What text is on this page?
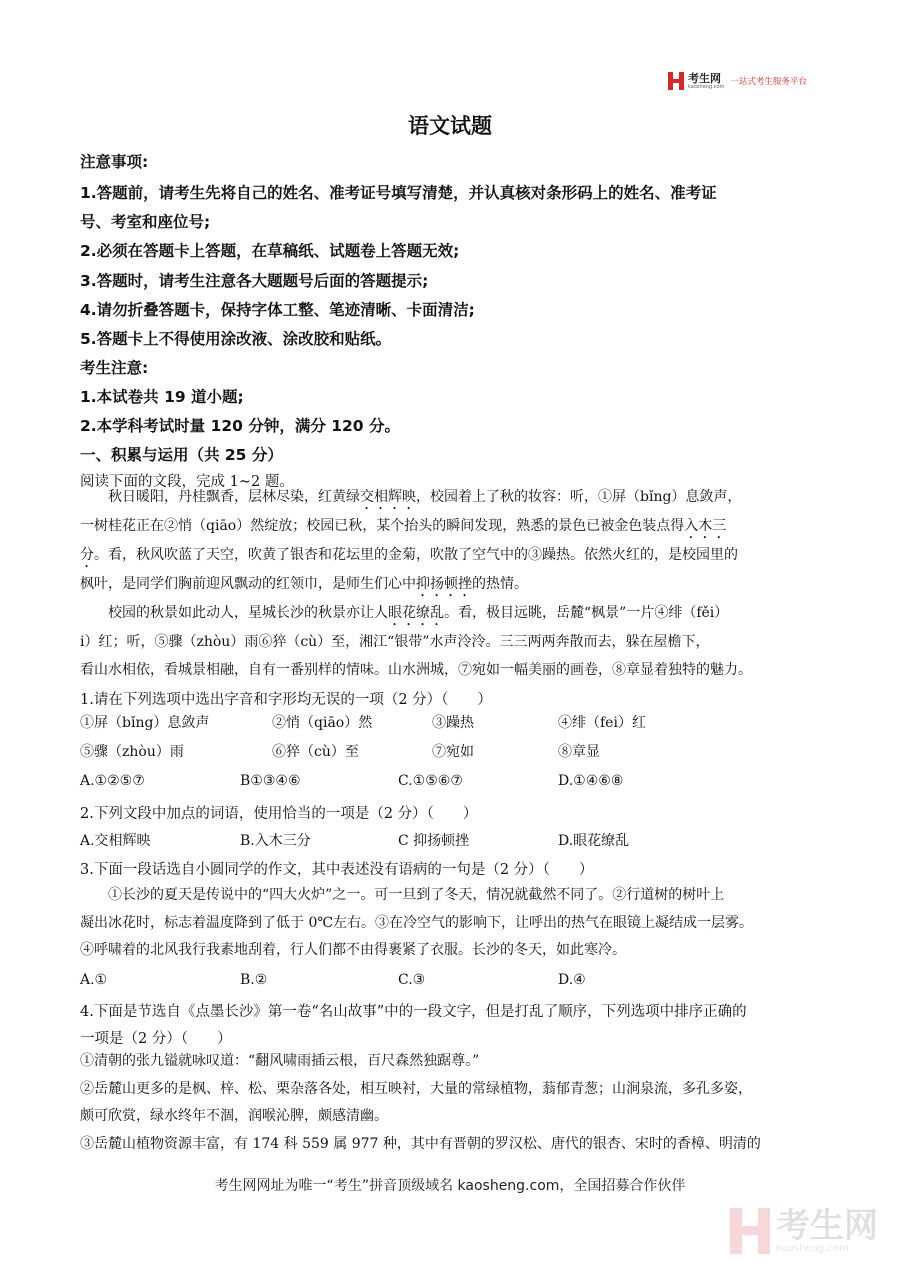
考生网
kaosheng.com 一站式考生服务平台
语文试题
注意事项:
1.答题前，请考生先将自己的姓名、准考证号填写清楚，并认真核对条形码上的姓名、准考证
号、考室和座位号;
2.必须在答题卡上答题，在草稿纸、试题卷上答题无效;
3.答题时，请考生注意各大题题号后面的答题提示;
4.请勿折叠答题卡，保持字体工整、笔迹清晰、卡面清洁;
5.答题卡上不得使用涂改液、涂改胶和贴纸。
考生注意:
1.本试卷共 19 道小题;
2.本学科考试时量 120 分钟，满分 120 分。
一、积累与运用（共 25 分）
阅读下面的文段，完成 1~2 题。
　　秋日暖阳，丹桂飘香，层林尽染，红黄绿交相辉映，校园着上了秋的妆容：听，①屏（bǐng）息敛声，
一树桂花正在②悄（qiāo）然绽放；校园已秋，某个抬头的瞬间发现，熟悉的景色已被金色装点得入木三
分。看，秋风吹蓝了天空，吹黄了银杏和花坛里的金菊，吹散了空气中的③躁热。依然火红的，是校园里的
枫叶，是同学们胸前迎风飘动的红领巾，是师生们心中抑扬顿挫的热情。
　　校园的秋景如此动人，星城长沙的秋景亦让人眼花缭乱。看，极目远眺，岳麓“枫景”一片④绯（fěi）
i）红；听，⑤骤（zhòu）雨⑥猝（cù）至，湘江“银带”水声泠泠。三三两两奔散而去，躲在屋檐下，
看山水相依，看城景相融，自有一番别样的情味。山水洲城，⑦宛如一幅美丽的画卷，⑧章显着独特的魅力。
1.请在下列选项中选出字音和字形均无误的一项（2 分）（　　）
①屏（bǐng）息敛声	②悄（qiāo）然	③躁热	④绯（fei）红
⑤骤（zhòu）雨	⑥猝（cù）至	⑦宛如	⑧章显
A.①②⑤⑦	B①③④⑥	C.①⑤⑥⑦	D.①④⑥⑧
2.下列文段中加点的词语，使用恰当的一项是（2 分）（　　）
A.交相辉映	B.入木三分	C 抑扬顿挫	D.眼花缭乱
3.下面一段话选自小圆同学的作文，其中表述没有语病的一句是（2 分）（　　）
　　①长沙的夏天是传说中的“四大火炉”之一。可一旦到了冬天，情况就截然不同了。②行道树的树叶上
凝出冰花时，标志着温度降到了低于 0℃左右。③在冷空气的影响下，让呼出的热气在眼镜上凝结成一层雾。
④呼啸着的北风我行我素地刮着，行人们都不由得裹紧了衣服。长沙的冬天，如此寒冷。
A.①	B.②	C.③	D.④
4.下面是节选自《点墨长沙》第一卷“名山故事”中的一段文字，但是打乱了顺序，下列选项中排序正确的
一项是（2 分）（　　）
①清朝的张九镒就咏叹道：“翻风啸雨插云根，百尺森然独踞尊。”
②岳麓山更多的是枫、梓、松、栗杂落各处，相互映衬，大量的常绿植物，蓊郁青葱；山涧泉流，多孔多姿，
颇可欣赏，绿水终年不涸，润喉沁脾，颇感清幽。
③岳麓山植物资源丰富，有 174 科 559 属 977 种，其中有晋朝的罗汉松、唐代的银杏、宋时的香樟、明清的
考生网网址为唯一“考生”拼音顶级域名 kaosheng.com，全国招募合作伙伴
考生网
kaosheng.com
